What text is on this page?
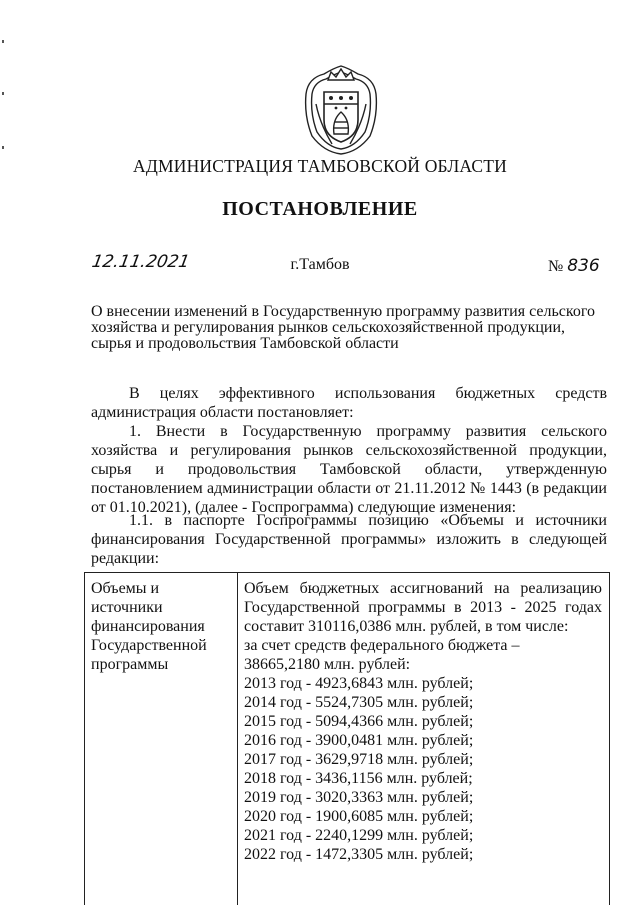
АДМИНИСТРАЦИЯ ТАМБОВСКОЙ ОБЛАСТИ
ПОСТАНОВЛЕНИЕ
12.11.2021	г.Тамбов	№ 836
О внесении изменений в Государственную программу развития сельского хозяйства и регулирования рынков сельскохозяйственной продукции, сырья и продовольствия Тамбовской области
В целях эффективного использования бюджетных средств администрация области постановляет:
1. Внести в Государственную программу развития сельского хозяйства и регулирования рынков сельскохозяйственной продукции, сырья и продовольствия Тамбовской области, утвержденную постановлением администрации области от 21.11.2012 № 1443 (в редакции от 01.10.2021), (далее - Госпрограмма) следующие изменения:
1.1. в паспорте Госпрограммы позицию «Объемы и источники финансирования Государственной программы» изложить в следующей редакции:
Объемы и источники финансирования Государственной программы
Объем бюджетных ассигнований на реализацию Государственной программы в 2013 - 2025 годах составит 310116,0386 млн. рублей, в том числе:
за счет средств федерального бюджета –
38665,2180 млн. рублей:
2013 год - 4923,6843 млн. рублей;
2014 год - 5524,7305 млн. рублей;
2015 год - 5094,4366 млн. рублей;
2016 год - 3900,0481 млн. рублей;
2017 год - 3629,9718 млн. рублей;
2018 год - 3436,1156 млн. рублей;
2019 год - 3020,3363 млн. рублей;
2020 год - 1900,6085 млн. рублей;
2021 год - 2240,1299 млн. рублей;
2022 год - 1472,3305 млн. рублей;
